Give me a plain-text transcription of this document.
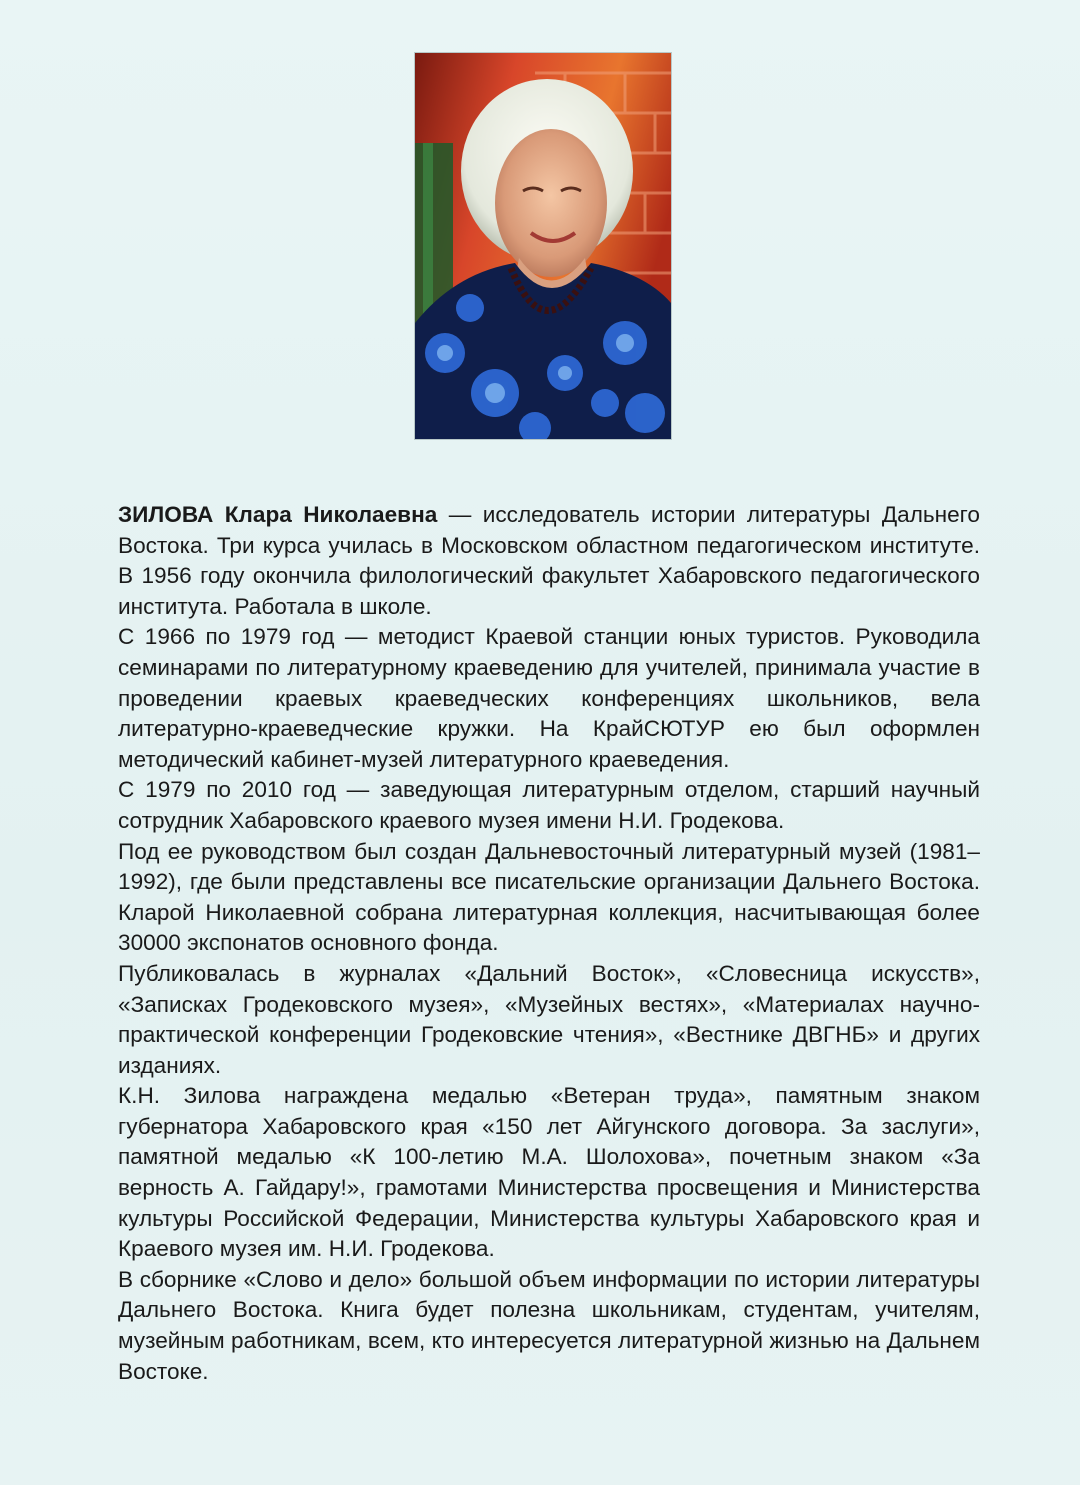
ЗИЛОВА Клара Николаевна — исследователь истории литературы Дальнего Востока. Три курса училась в Московском областном педагогическом институте. В 1956 году окончила филологический факультет Хабаровского педагогического института. Работала в школе.

С 1966 по 1979 год — методист Краевой станции юных туристов. Руководила семинарами по литературному краеведению для учителей, принимала участие в проведении краевых краеведческих конференциях школьников, вела литературно-краеведческие кружки. На КрайСЮТУР ею был оформлен методический кабинет-музей литературного краеведения.

С 1979 по 2010 год — заведующая литературным отделом, старший научный сотрудник Хабаровского краевого музея имени Н.И. Гродекова.

Под ее руководством был создан Дальневосточный литературный музей (1981–1992), где были представлены все писательские организации Дальнего Востока. Кларой Николаевной собрана литературная коллекция, насчитывающая более 30000 экспонатов основного фонда.

Публиковалась в журналах «Дальний Восток», «Словесница искусств», «Записках Гродековского музея», «Музейных вестях», «Материалах научно-практической конференции Гродековские чтения», «Вестнике ДВГНБ» и других изданиях.

К.Н. Зилова награждена медалью «Ветеран труда», памятным знаком губернатора Хабаровского края «150 лет Айгунского договора. За заслуги», памятной медалью «К 100-летию М.А. Шолохова», почетным знаком «За верность А. Гайдару!», грамотами Министерства просвещения и Министерства культуры Российской Федерации, Министерства культуры Хабаровского края и Краевого музея им. Н.И. Гродекова.

В сборнике «Слово и дело» большой объем информации по истории литературы Дальнего Востока. Книга будет полезна школьникам, студентам, учителям, музейным работникам, всем, кто интересуется литературной жизнью на Дальнем Востоке.
